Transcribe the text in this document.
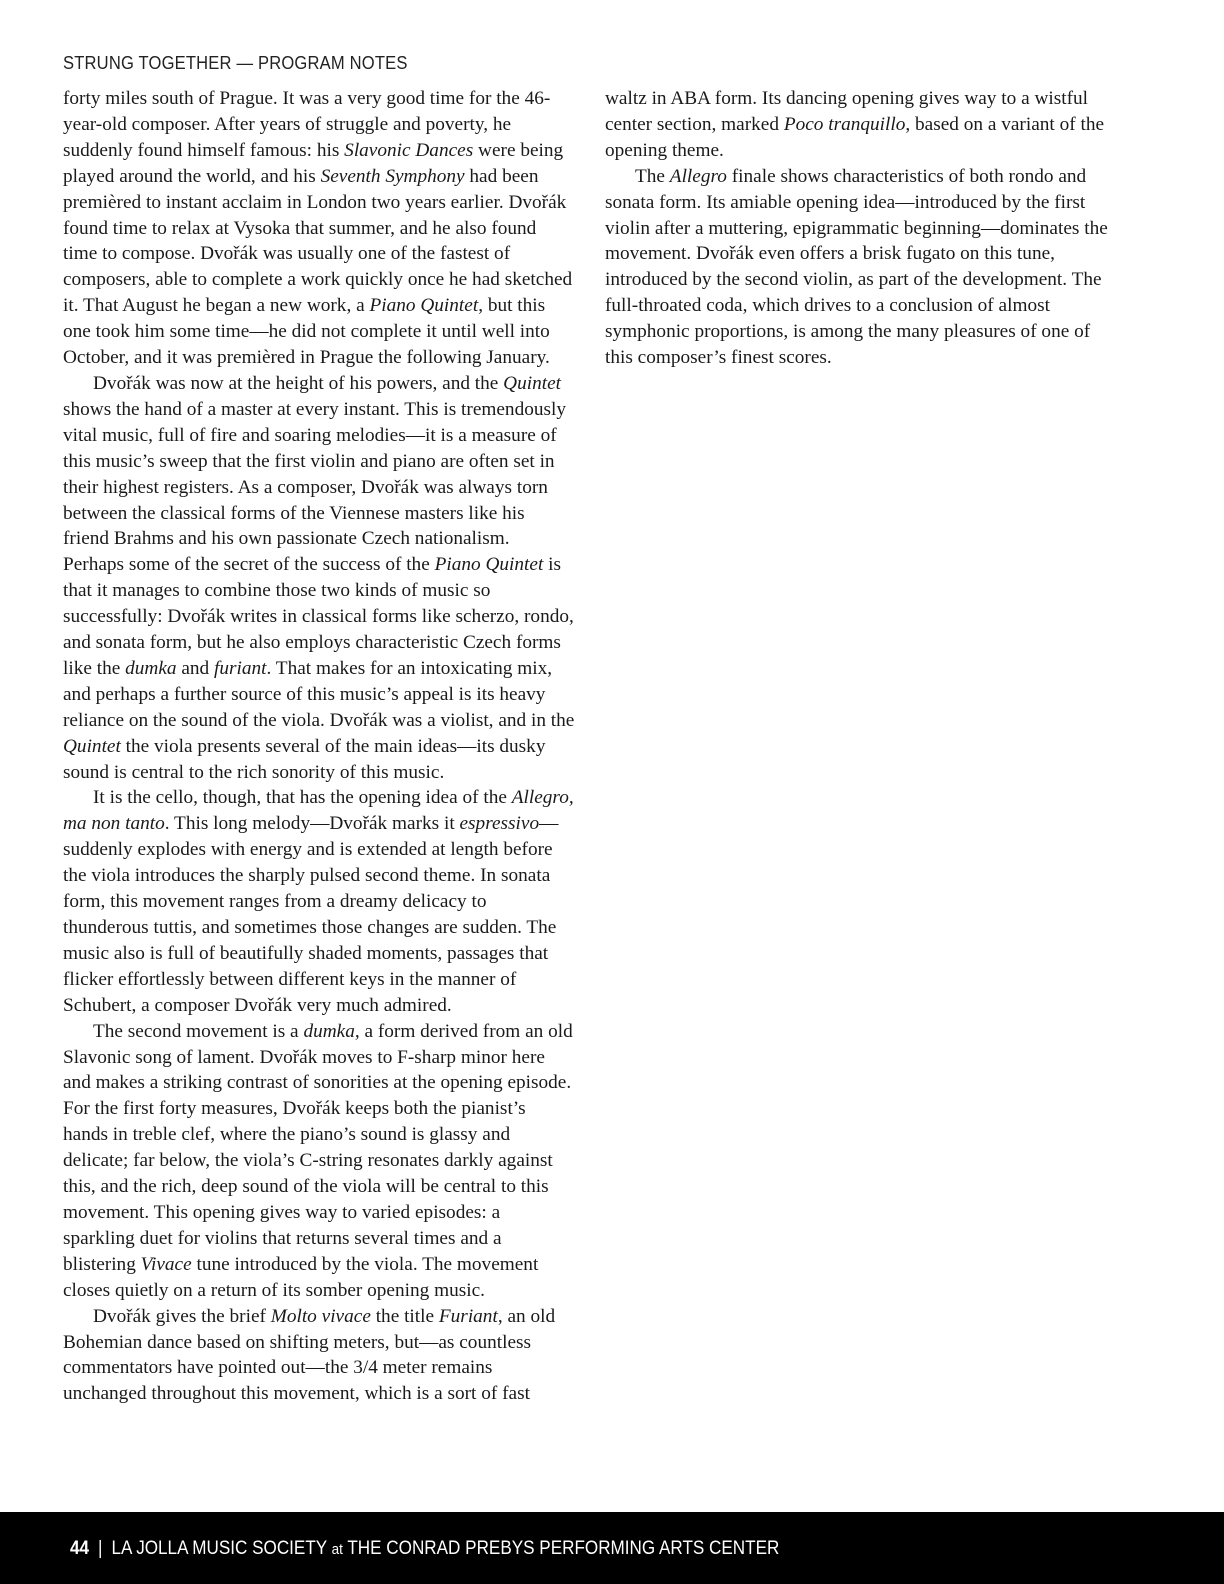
STRUNG TOGETHER — PROGRAM NOTES

forty miles south of Prague. It was a very good time for the 46-year-old composer. After years of struggle and poverty, he suddenly found himself famous: his Slavonic Dances were being played around the world, and his Seventh Symphony had been premièred to instant acclaim in London two years earlier. Dvořák found time to relax at Vysoka that summer, and he also found time to compose. Dvořák was usually one of the fastest of composers, able to complete a work quickly once he had sketched it. That August he began a new work, a Piano Quintet, but this one took him some time—he did not complete it until well into October, and it was premièred in Prague the following January.

Dvořák was now at the height of his powers, and the Quintet shows the hand of a master at every instant. This is tremendously vital music, full of fire and soaring melodies—it is a measure of this music’s sweep that the first violin and piano are often set in their highest registers. As a composer, Dvořák was always torn between the classical forms of the Viennese masters like his friend Brahms and his own passionate Czech nationalism. Perhaps some of the secret of the success of the Piano Quintet is that it manages to combine those two kinds of music so successfully: Dvořák writes in classical forms like scherzo, rondo, and sonata form, but he also employs characteristic Czech forms like the dumka and furiant. That makes for an intoxicating mix, and perhaps a further source of this music’s appeal is its heavy reliance on the sound of the viola. Dvořák was a violist, and in the Quintet the viola presents several of the main ideas—its dusky sound is central to the rich sonority of this music.

It is the cello, though, that has the opening idea of the Allegro, ma non tanto. This long melody—Dvořák marks it espressivo—suddenly explodes with energy and is extended at length before the viola introduces the sharply pulsed second theme. In sonata form, this movement ranges from a dreamy delicacy to thunderous tuttis, and sometimes those changes are sudden. The music also is full of beautifully shaded moments, passages that flicker effortlessly between different keys in the manner of Schubert, a composer Dvořák very much admired.

The second movement is a dumka, a form derived from an old Slavonic song of lament. Dvořák moves to F-sharp minor here and makes a striking contrast of sonorities at the opening episode. For the first forty measures, Dvořák keeps both the pianist’s hands in treble clef, where the piano’s sound is glassy and delicate; far below, the viola’s C-string resonates darkly against this, and the rich, deep sound of the viola will be central to this movement. This opening gives way to varied episodes: a sparkling duet for violins that returns several times and a blistering Vivace tune introduced by the viola. The movement closes quietly on a return of its somber opening music.

Dvořák gives the brief Molto vivace the title Furiant, an old Bohemian dance based on shifting meters, but—as countless commentators have pointed out—the 3/4 meter remains unchanged throughout this movement, which is a sort of fast

waltz in ABA form. Its dancing opening gives way to a wistful center section, marked Poco tranquillo, based on a variant of the opening theme.

The Allegro finale shows characteristics of both rondo and sonata form. Its amiable opening idea—introduced by the first violin after a muttering, epigrammatic beginning—dominates the movement. Dvořák even offers a brisk fugato on this tune, introduced by the second violin, as part of the development. The full-throated coda, which drives to a conclusion of almost symphonic proportions, is among the many pleasures of one of this composer’s finest scores.

44 | LA JOLLA MUSIC SOCIETY at THE CONRAD PREBYS PERFORMING ARTS CENTER
